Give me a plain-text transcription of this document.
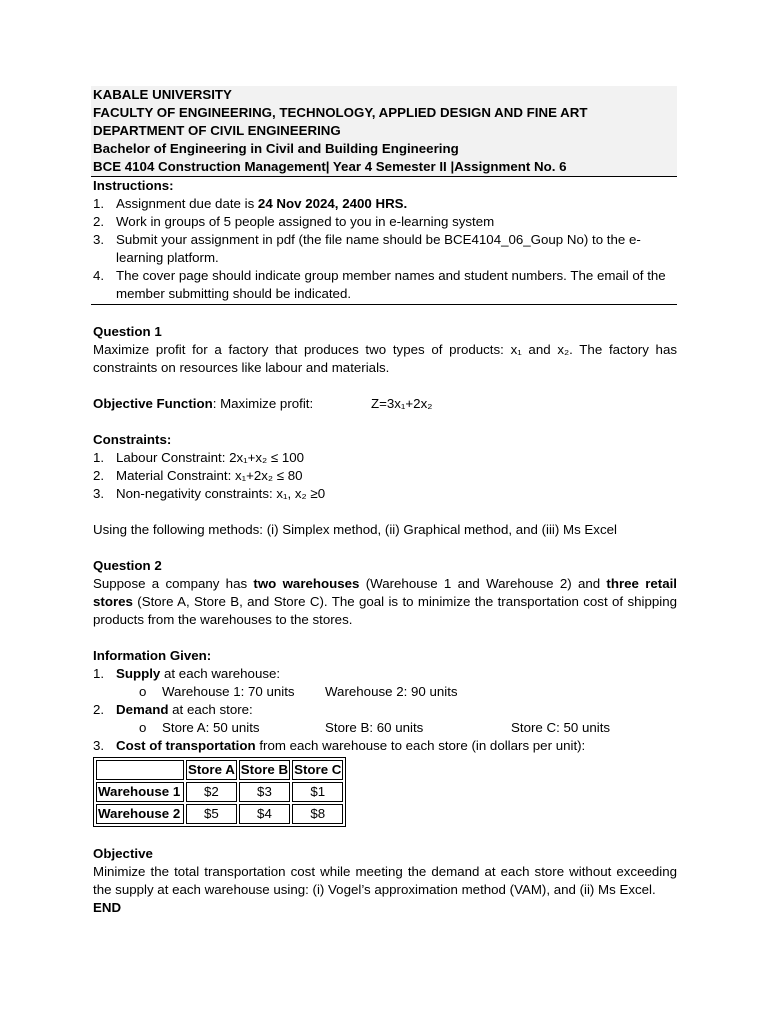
KABALE UNIVERSITY
FACULTY OF ENGINEERING, TECHNOLOGY, APPLIED DESIGN AND FINE ART
DEPARTMENT OF CIVIL ENGINEERING
Bachelor of Engineering in Civil and Building Engineering
BCE 4104 Construction Management| Year 4 Semester II |Assignment No. 6
Instructions:
1. Assignment due date is 24 Nov 2024, 2400 HRS.
2. Work in groups of 5 people assigned to you in e-learning system
3. Submit your assignment in pdf (the file name should be BCE4104_06_Goup No) to the e-learning platform.
4. The cover page should indicate group member names and student numbers. The email of the member submitting should be indicated.
Question 1
Maximize profit for a factory that produces two types of products: x₁ and x₂. The factory has constraints on resources like labour and materials.
Objective Function: Maximize profit:	Z=3x₁+2x₂
Constraints:
1. Labour Constraint: 2x₁+x₂ ≤ 100
2. Material Constraint: x₁+2x₂ ≤ 80
3. Non-negativity constraints: x₁, x₂ ≥0
Using the following methods: (i) Simplex method, (ii) Graphical method, and (iii) Ms Excel
Question 2
Suppose a company has two warehouses (Warehouse 1 and Warehouse 2) and three retail stores (Store A, Store B, and Store C). The goal is to minimize the transportation cost of shipping products from the warehouses to the stores.
Information Given:
1. Supply at each warehouse:
o	Warehouse 1: 70 units	Warehouse 2: 90 units
2. Demand at each store:
o	Store A: 50 units	Store B: 60 units	Store C: 50 units
3. Cost of transportation from each warehouse to each store (in dollars per unit):
	Store A	Store B	Store C
Warehouse 1	$2	$3	$1
Warehouse 2	$5	$4	$8
Objective
Minimize the total transportation cost while meeting the demand at each store without exceeding the supply at each warehouse using: (i) Vogel’s approximation method (VAM), and (ii) Ms Excel.
END
